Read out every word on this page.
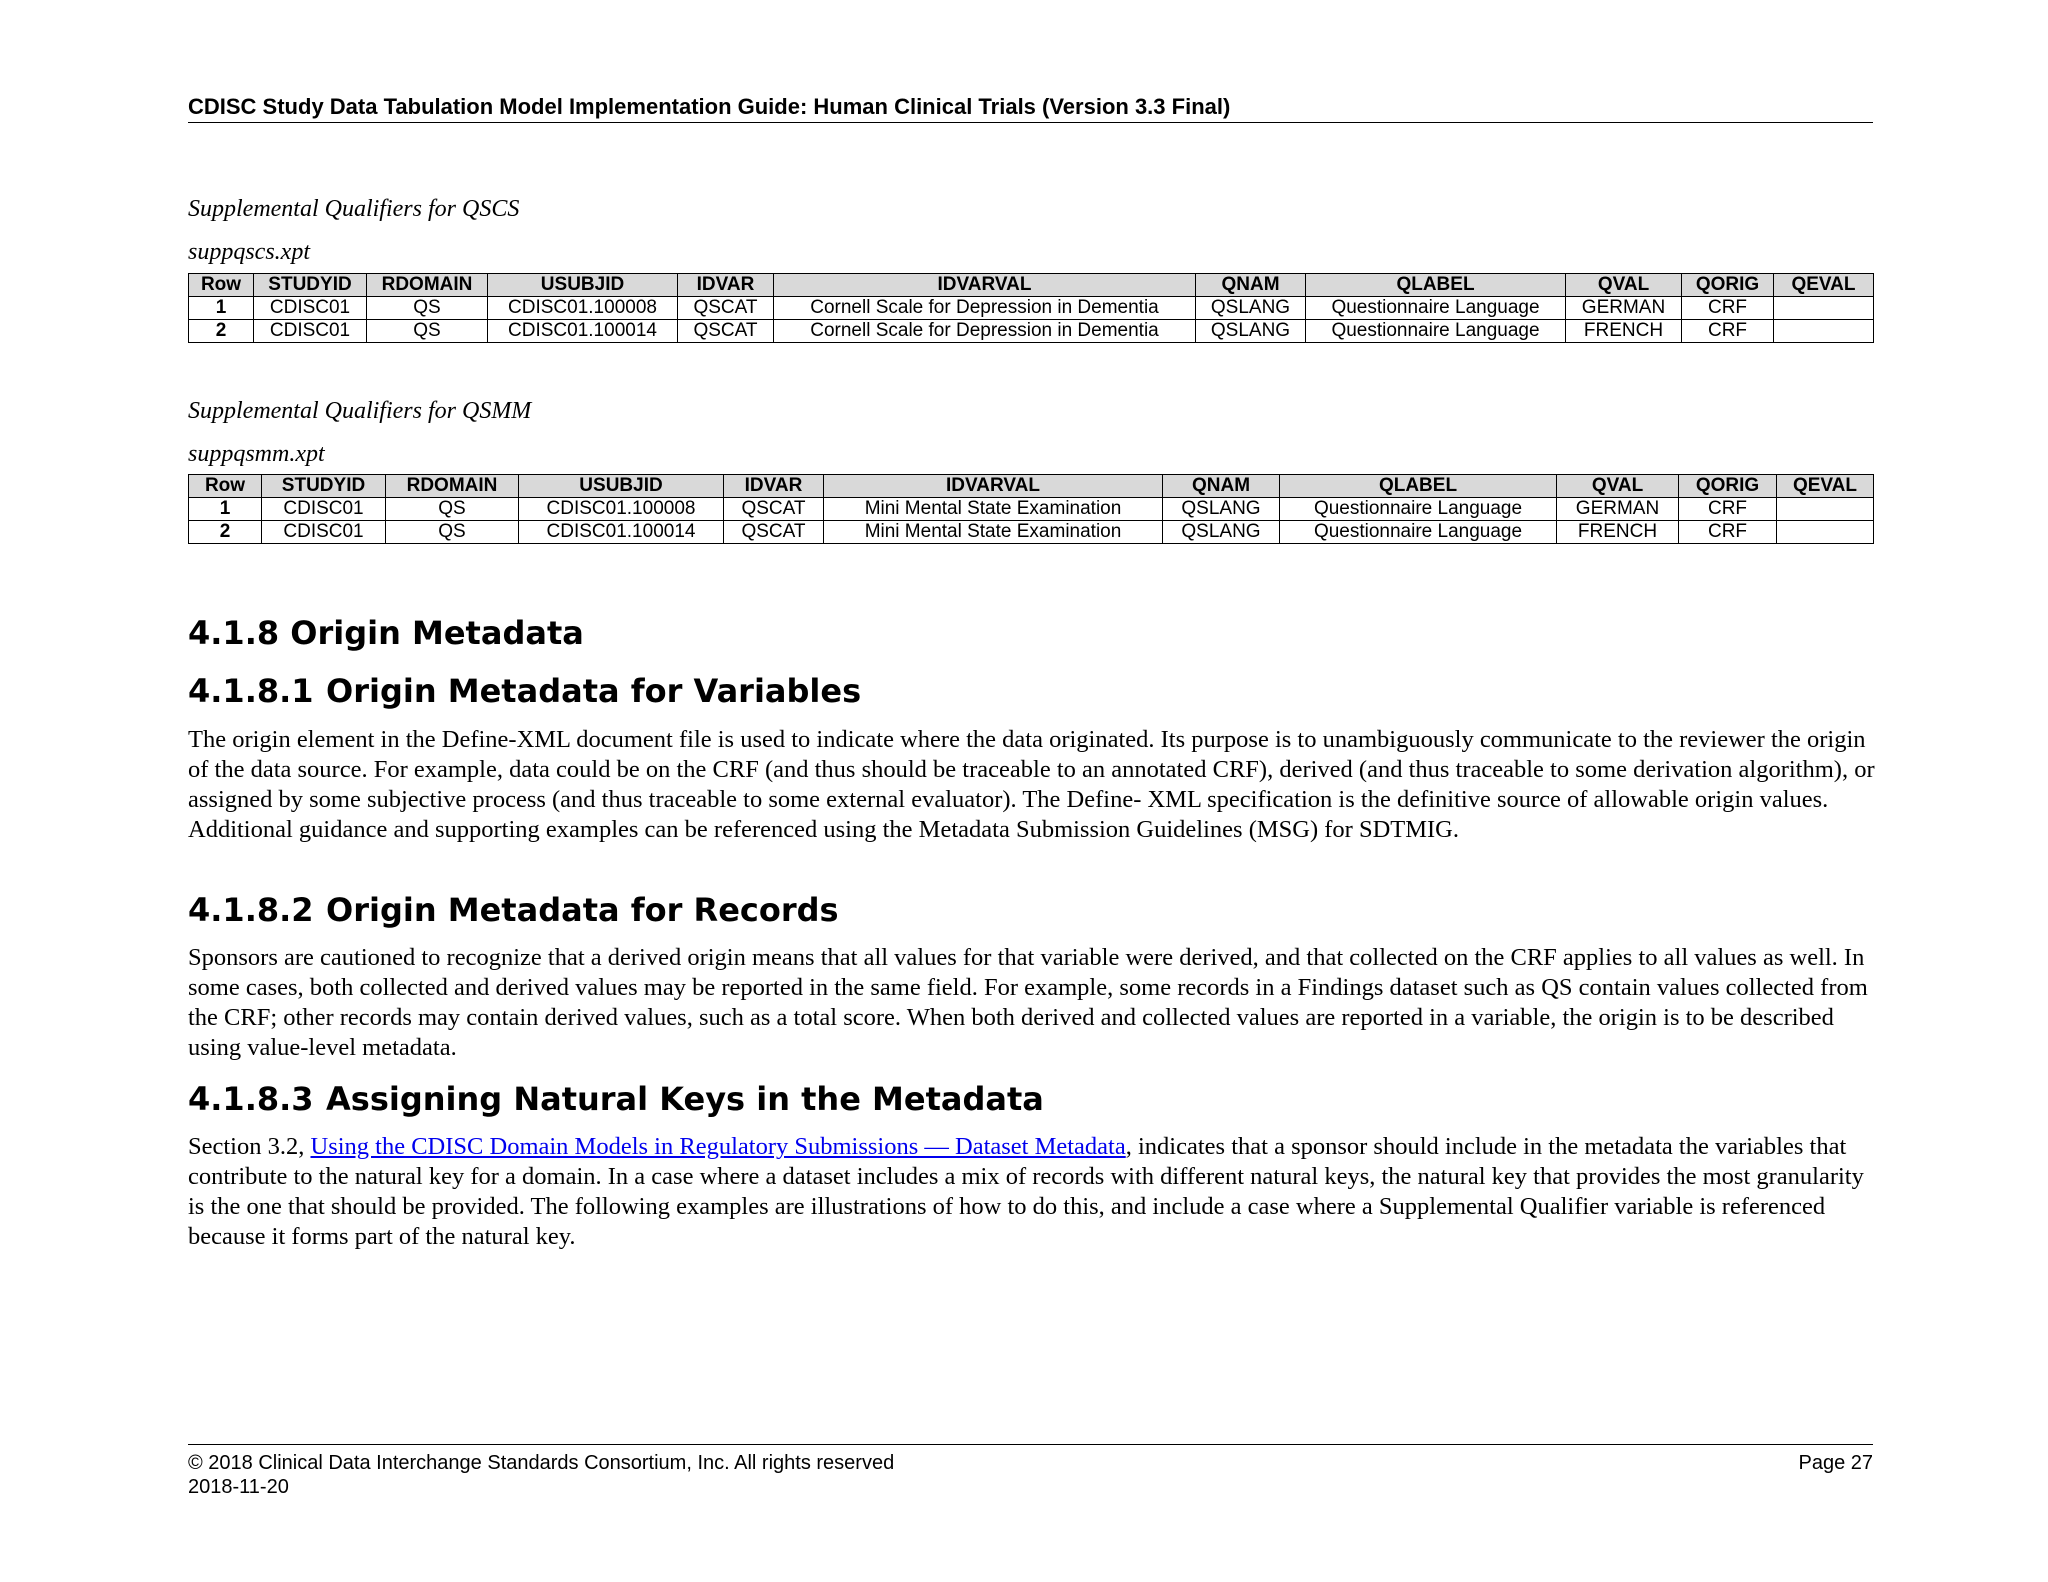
CDISC Study Data Tabulation Model Implementation Guide: Human Clinical Trials (Version 3.3 Final)
Supplemental Qualifiers for QSCS
suppqscs.xpt
Row	STUDYID	RDOMAIN	USUBJID	IDVAR	IDVARVAL	QNAM	QLABEL	QVAL	QORIG	QEVAL
1	CDISC01	QS	CDISC01.100008	QSCAT	Cornell Scale for Depression in Dementia	QSLANG	Questionnaire Language	GERMAN	CRF	
2	CDISC01	QS	CDISC01.100014	QSCAT	Cornell Scale for Depression in Dementia	QSLANG	Questionnaire Language	FRENCH	CRF	
Supplemental Qualifiers for QSMM
suppqsmm.xpt
Row	STUDYID	RDOMAIN	USUBJID	IDVAR	IDVARVAL	QNAM	QLABEL	QVAL	QORIG	QEVAL
1	CDISC01	QS	CDISC01.100008	QSCAT	Mini Mental State Examination	QSLANG	Questionnaire Language	GERMAN	CRF	
2	CDISC01	QS	CDISC01.100014	QSCAT	Mini Mental State Examination	QSLANG	Questionnaire Language	FRENCH	CRF	
4.1.8 Origin Metadata
4.1.8.1 Origin Metadata for Variables

The origin element in the Define-XML document file is used to indicate where the data originated. Its purpose is to unambiguously communicate to the reviewer the origin of the data source. For example, data could be on the CRF (and thus should be traceable to an annotated CRF), derived (and thus traceable to some derivation algorithm), or assigned by some subjective process (and thus traceable to some external evaluator). The Define- XML specification is the definitive source of allowable origin values. Additional guidance and supporting examples can be referenced using the Metadata Submission Guidelines (MSG) for SDTMIG.

4.1.8.2 Origin Metadata for Records

Sponsors are cautioned to recognize that a derived origin means that all values for that variable were derived, and that collected on the CRF applies to all values as well. In some cases, both collected and derived values may be reported in the same field. For example, some records in a Findings dataset such as QS contain values collected from the CRF; other records may contain derived values, such as a total score. When both derived and collected values are reported in a variable, the origin is to be described using value-level metadata.

4.1.8.3 Assigning Natural Keys in the Metadata

Section 3.2, Using the CDISC Domain Models in Regulatory Submissions — Dataset Metadata, indicates that a sponsor should include in the metadata the variables that contribute to the natural key for a domain. In a case where a dataset includes a mix of records with different natural keys, the natural key that provides the most granularity is the one that should be provided. The following examples are illustrations of how to do this, and include a case where a Supplemental Qualifier variable is referenced because it forms part of the natural key.

© 2018 Clinical Data Interchange Standards Consortium, Inc. All rights reserved
2018-11-20
Page 27
